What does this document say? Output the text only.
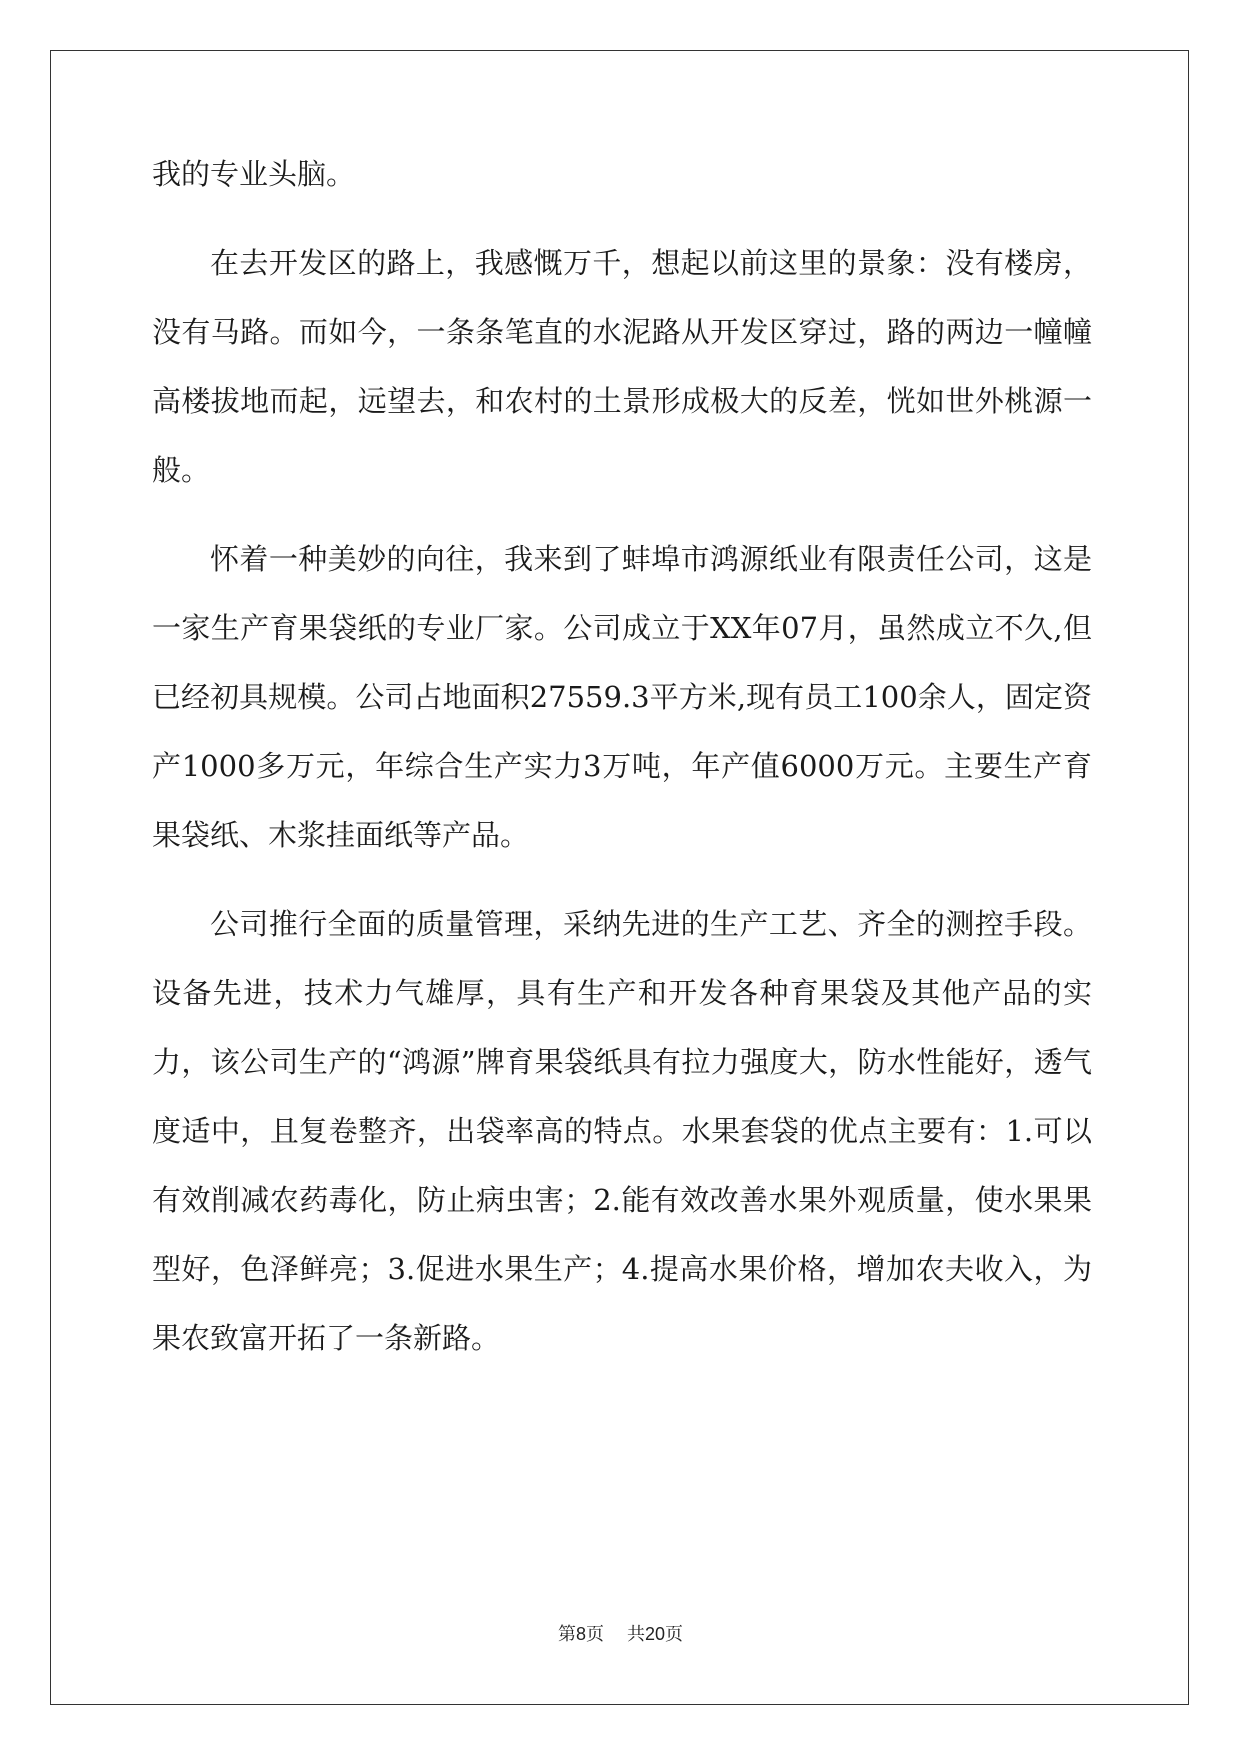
我的专业头脑。

在去开发区的路上，我感慨万千，想起以前这里的景象：没有楼房，没有马路。而如今，一条条笔直的水泥路从开发区穿过，路的两边一幢幢高楼拔地而起，远望去，和农村的土景形成极大的反差，恍如世外桃源一般。

怀着一种美妙的向往，我来到了蚌埠市鸿源纸业有限责任公司，这是一家生产育果袋纸的专业厂家。公司成立于XX年07月，虽然成立不久,但已经初具规模。公司占地面积27559.3平方米,现有员工100余人，固定资产1000多万元，年综合生产实力3万吨，年产值6000万元。主要生产育果袋纸、木浆挂面纸等产品。

公司推行全面的质量管理，采纳先进的生产工艺、齐全的测控手段。设备先进，技术力气雄厚，具有生产和开发各种育果袋及其他产品的实力，该公司生产的“鸿源”牌育果袋纸具有拉力强度大，防水性能好，透气度适中，且复卷整齐，出袋率高的特点。水果套袋的优点主要有：1.可以有效削减农药毒化，防止病虫害；2.能有效改善水果外观质量，使水果果型好，色泽鲜亮；3.促进水果生产；4.提高水果价格，增加农夫收入，为果农致富开拓了一条新路。

第8页 共20页
